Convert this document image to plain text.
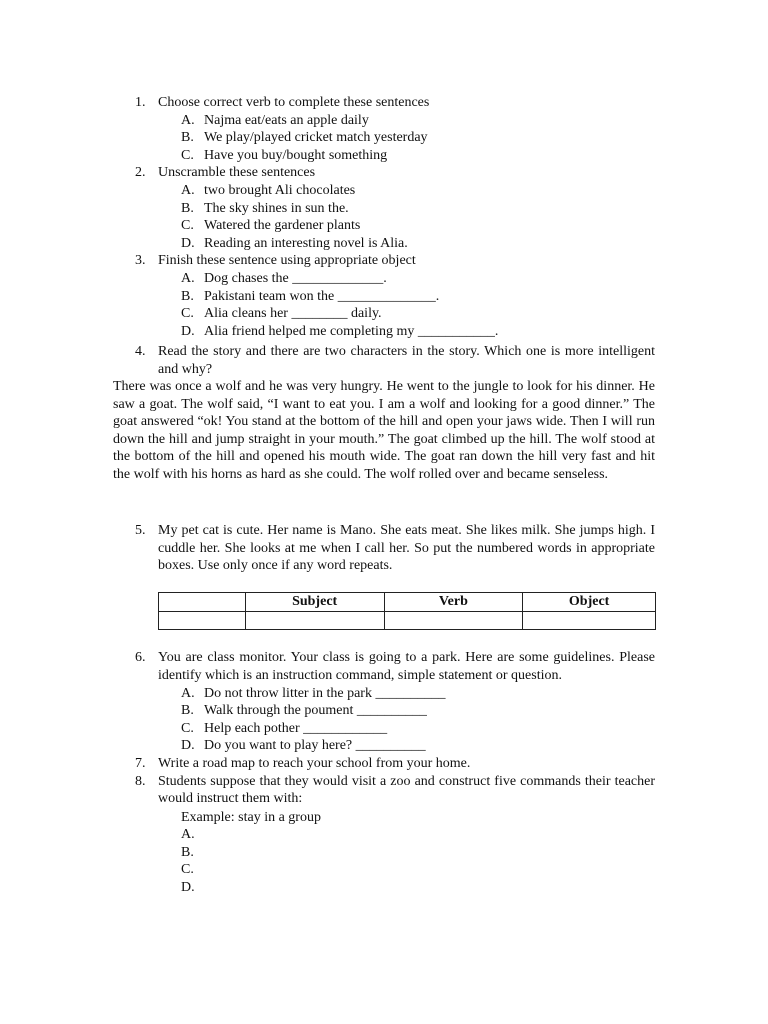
1. Choose correct verb to complete these sentences
A. Najma eat/eats an apple daily
B. We play/played cricket match yesterday
C. Have you buy/bought something
2. Unscramble these sentences
A. two brought Ali chocolates
B. The sky shines in sun the.
C. Watered the gardener plants
D. Reading an interesting novel is Alia.
3. Finish these sentence using appropriate object
A. Dog chases the _____________.
B. Pakistani team won the ______________.
C. Alia cleans her ________ daily.
D. Alia friend helped me completing my ___________.
4. Read the story and there are two characters in the story. Which one is more intelligent and why?
There was once a wolf and he was very hungry. He went to the jungle to look for his dinner. He saw a goat. The wolf said, “I want to eat you. I am a wolf and looking for a good dinner.” The goat answered “ok! You stand at the bottom of the hill and open your jaws wide. Then I will run down the hill and jump straight in your mouth.” The goat climbed up the hill. The wolf stood at the bottom of the hill and opened his mouth wide. The goat ran down the hill very fast and hit the wolf with his horns as hard as she could. The wolf rolled over and became senseless.
5. My pet cat is cute. Her name is Mano. She eats meat. She likes milk. She jumps high. I cuddle her. She looks at me when I call her. So put the numbered words in appropriate boxes. Use only once if any word repeats.
	Subject	Verb	Object

6. You are class monitor. Your class is going to a park. Here are some guidelines. Please identify which is an instruction command, simple statement or question.
A. Do not throw litter in the park __________
B. Walk through the poument __________
C. Help each pother ____________
D. Do you want to play here? __________
7. Write a road map to reach your school from your home.
8. Students suppose that they would visit a zoo and construct five commands their teacher would instruct them with:
Example: stay in a group
A.
B.
C.
D.
